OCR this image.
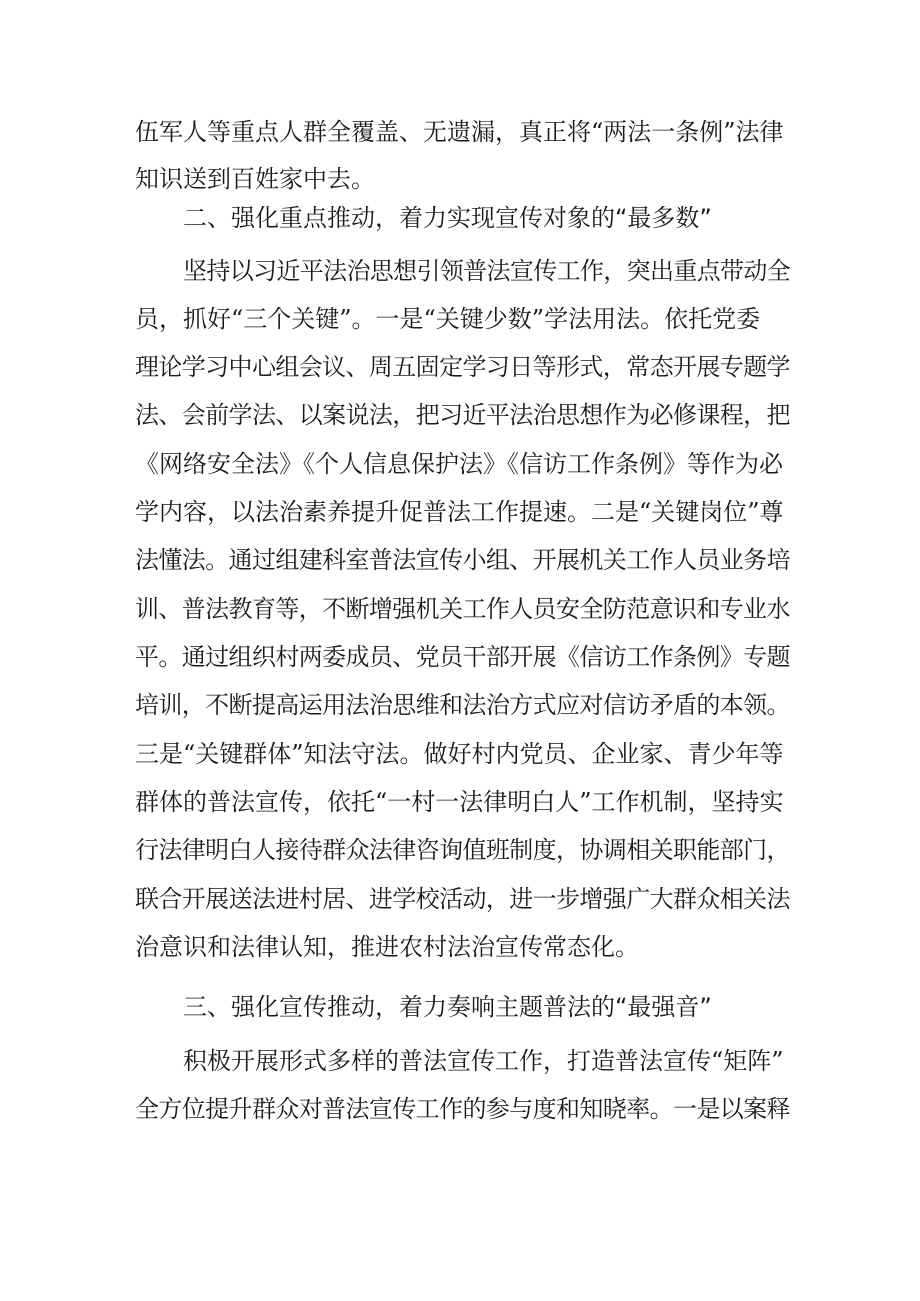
伍军人等重点人群全覆盖、无遗漏，真正将“两法一条例”法律
知识送到百姓家中去。
二、强化重点推动，着力实现宣传对象的“最多数”
坚持以习近平法治思想引领普法宣传工作，突出重点带动全
员，抓好“三个关键”。一是“关键少数”学法用法。依托党委
理论学习中心组会议、周五固定学习日等形式，常态开展专题学
法、会前学法、以案说法，把习近平法治思想作为必修课程，把
《网络安全法》《个人信息保护法》《信访工作条例》等作为必
学内容，以法治素养提升促普法工作提速。二是“关键岗位”尊
法懂法。通过组建科室普法宣传小组、开展机关工作人员业务培
训、普法教育等，不断增强机关工作人员安全防范意识和专业水
平。通过组织村两委成员、党员干部开展《信访工作条例》专题
培训，不断提高运用法治思维和法治方式应对信访矛盾的本领。
三是“关键群体”知法守法。做好村内党员、企业家、青少年等
群体的普法宣传，依托“一村一法律明白人”工作机制，坚持实
行法律明白人接待群众法律咨询值班制度，协调相关职能部门，
联合开展送法进村居、进学校活动，进一步增强广大群众相关法
治意识和法律认知，推进农村法治宣传常态化。
三、强化宣传推动，着力奏响主题普法的“最强音”
积极开展形式多样的普法宣传工作，打造普法宣传“矩阵”
全方位提升群众对普法宣传工作的参与度和知晓率。一是以案释
